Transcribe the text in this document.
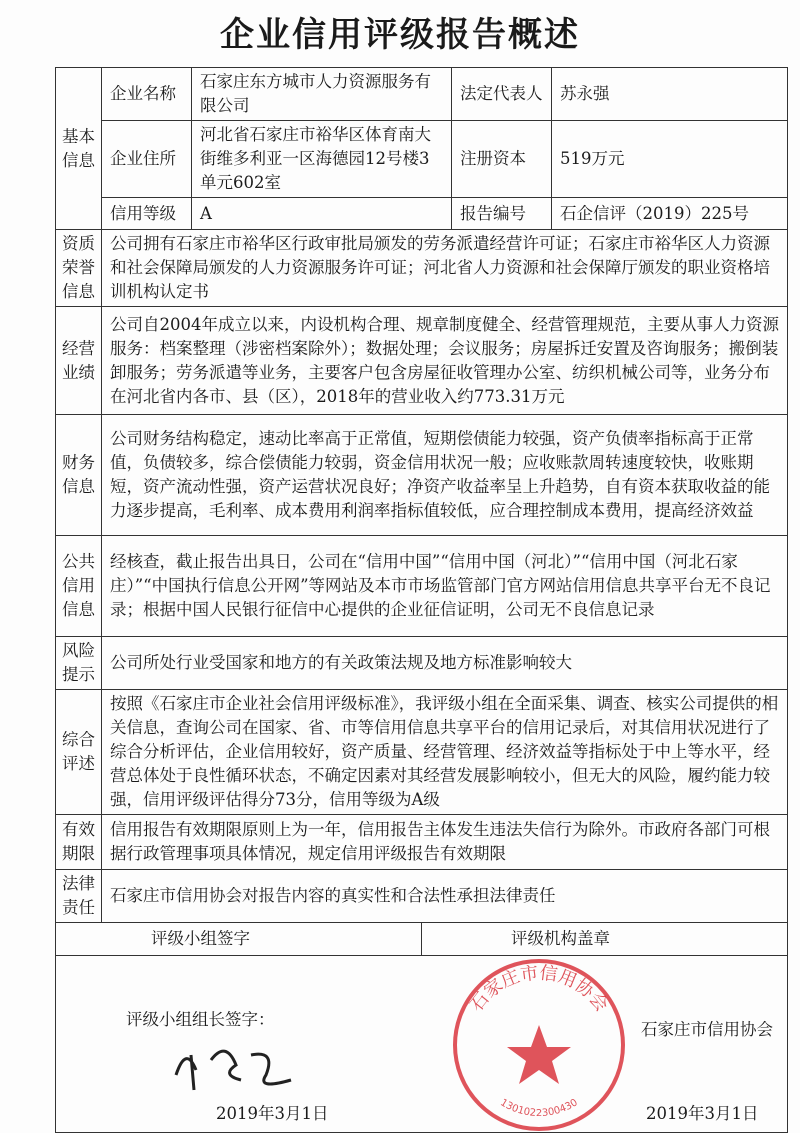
企业信用评级报告概述
基本信息	企业名称	石家庄东方城市人力资源服务有限公司	法定代表人	苏永强
	企业住所	河北省石家庄市裕华区体育南大街维多利亚一区海德园12号楼3单元602室	注册资本	519万元
	信用等级	A	报告编号	石企信评（2019）225号
资质荣誉信息	公司拥有石家庄市裕华区行政审批局颁发的劳务派遣经营许可证；石家庄市裕华区人力资源和社会保障局颁发的人力资源服务许可证；河北省人力资源和社会保障厅颁发的职业资格培训机构认定书			
经营业绩	公司自2004年成立以来，内设机构合理、规章制度健全、经营管理规范，主要从事人力资源服务：档案整理（涉密档案除外）；数据处理；会议服务；房屋拆迁安置及咨询服务；搬倒装卸服务；劳务派遣等业务，主要客户包含房屋征收管理办公室、纺织机械公司等，业务分布在河北省内各市、县（区），2018年的营业收入约773.31万元			
财务信息	公司财务结构稳定，速动比率高于正常值，短期偿债能力较强，资产负债率指标高于正常值，负债较多，综合偿债能力较弱，资金信用状况一般；应收账款周转速度较快，收账期短，资产流动性强，资产运营状况良好；净资产收益率呈上升趋势，自有资本获取收益的能力逐步提高，毛利率、成本费用利润率指标值较低，应合理控制成本费用，提高经济效益			
公共信用信息	经核查，截止报告出具日，公司在“信用中国”“信用中国（河北）”“信用中国（河北石家庄）”“中国执行信息公开网”等网站及本市市场监管部门官方网站信用信息共享平台无不良记录；根据中国人民银行征信中心提供的企业征信证明，公司无不良信息记录			
风险提示	公司所处行业受国家和地方的有关政策法规及地方标准影响较大			
综合评述	按照《石家庄市企业社会信用评级标准》，我评级小组在全面采集、调查、核实公司提供的相关信息，查询公司在国家、省、市等信用信息共享平台的信用记录后，对其信用状况进行了综合分析评估，企业信用较好，资产质量、经营管理、经济效益等指标处于中上等水平，经营总体处于良性循环状态，不确定因素对其经营发展影响较小，但无大的风险，履约能力较强，信用评级评估得分73分，信用等级为A级			
有效期限	信用报告有效期限原则上为一年，信用报告主体发生违法失信行为除外。市政府各部门可根据行政管理事项具体情况，规定信用评级报告有效期限			
法律责任	石家庄市信用协会对报告内容的真实性和合法性承担法律责任			
评级小组签字	评级机构盖章
评级小组组长签字：
2019年3月1日
石家庄市信用协会
1301022300430
石家庄市信用协会
2019年3月1日
